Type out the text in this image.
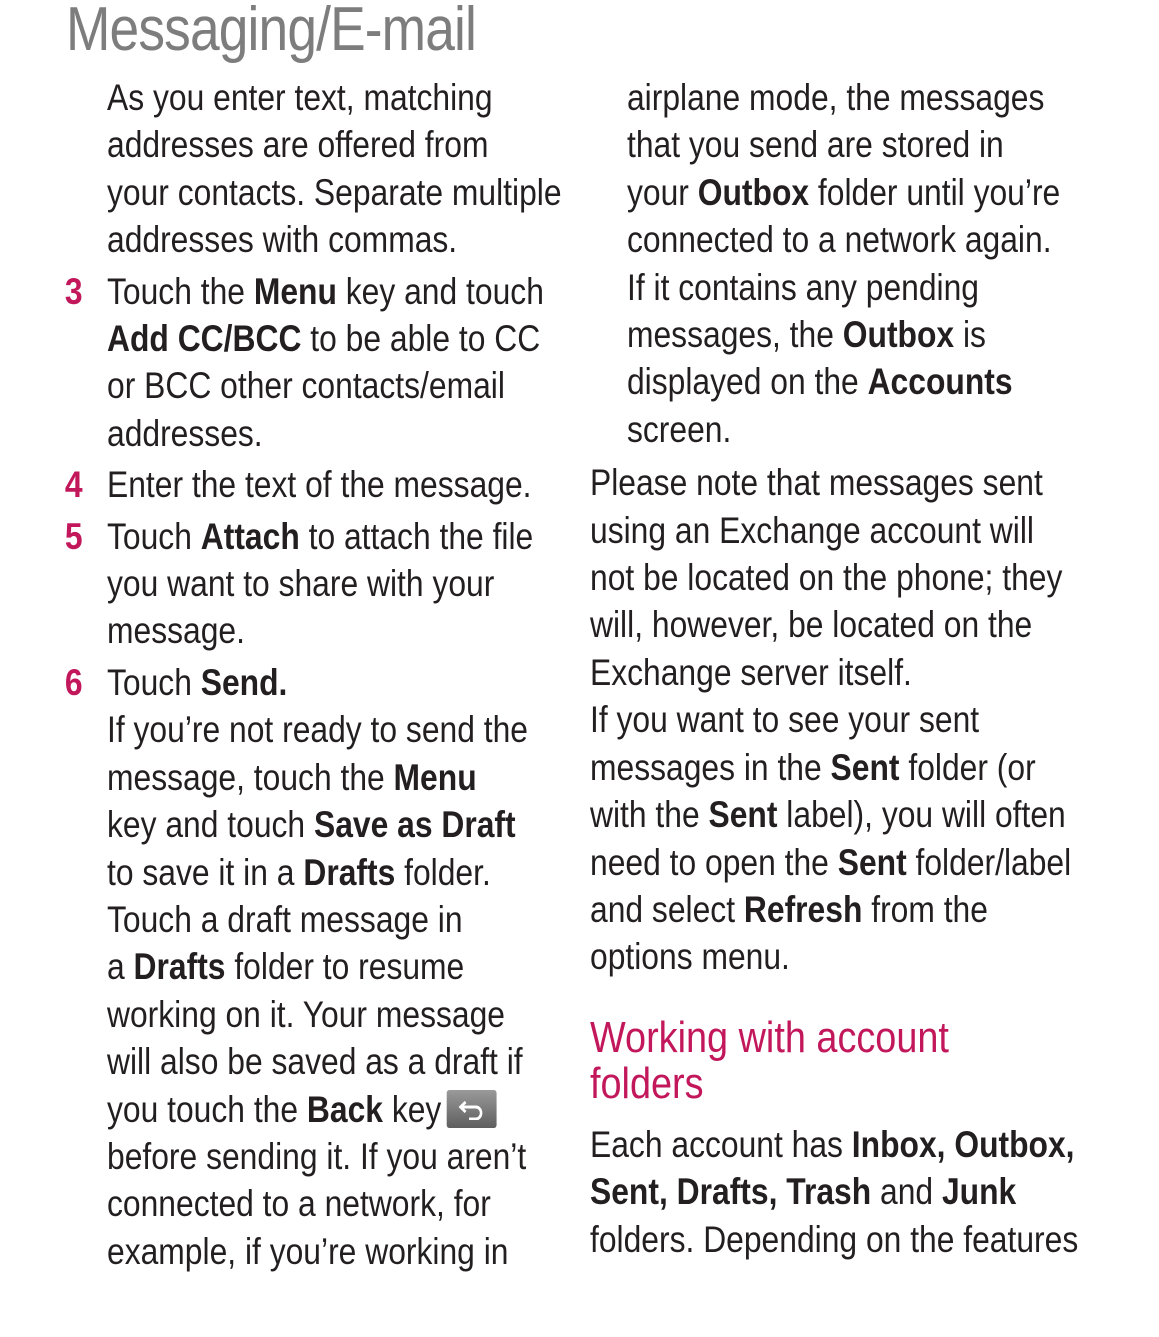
Messaging/E-mail
As you enter text, matching
addresses are offered from
your contacts. Separate multiple
addresses with commas.
3 Touch the Menu key and touch
Add CC/BCC to be able to CC
or BCC other contacts/email
addresses.
4 Enter the text of the message.
5 Touch Attach to attach the file
you want to share with your
message.
6 Touch Send.
If you’re not ready to send the
message, touch the Menu
key and touch Save as Draft
to save it in a Drafts folder.
Touch a draft message in
a Drafts folder to resume
working on it. Your message
will also be saved as a draft if
you touch the Back key
before sending it. If you aren’t
connected to a network, for
example, if you’re working in
airplane mode, the messages
that you send are stored in
your Outbox folder until you’re
connected to a network again.
If it contains any pending
messages, the Outbox is
displayed on the Accounts
screen.
Please note that messages sent
using an Exchange account will
not be located on the phone; they
will, however, be located on the
Exchange server itself.
If you want to see your sent
messages in the Sent folder (or
with the Sent label), you will often
need to open the Sent folder/label
and select Refresh from the
options menu.
Working with account
folders
Each account has Inbox, Outbox,
Sent, Drafts, Trash and Junk
folders. Depending on the features
